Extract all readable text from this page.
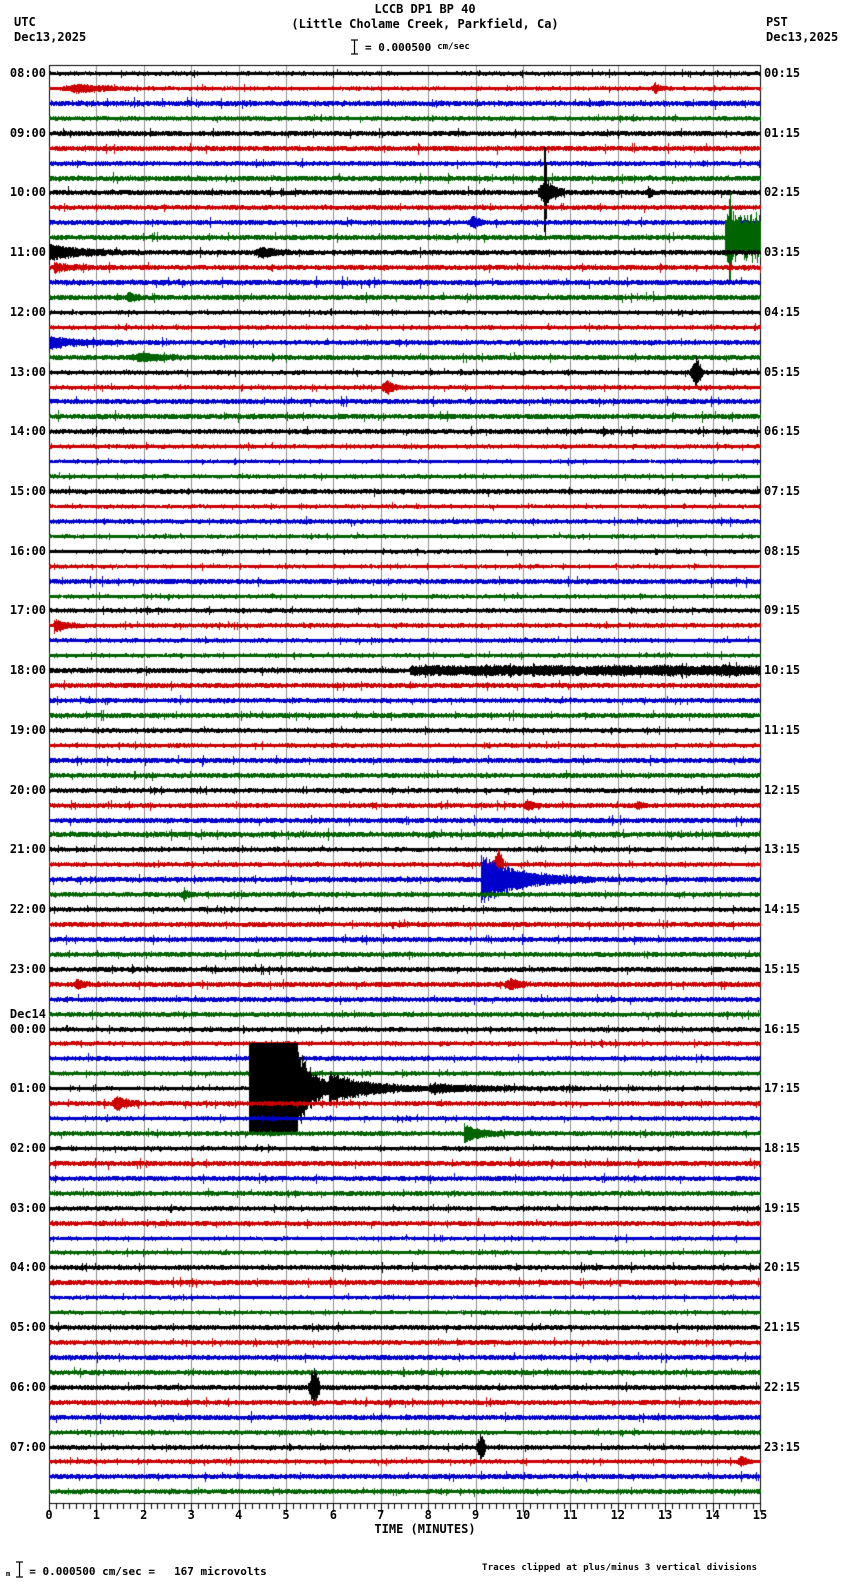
LCCB DP1 BP 40
(Little Cholame Creek, Parkfield, Ca)
UTC
Dec13,2025
PST
Dec13,2025
= 0.000500 cm/sec
08:00
09:00
10:00
11:00
12:00
13:00
14:00
15:00
16:00
17:00
18:00
19:00
20:00
21:00
22:00
23:00
Dec14
00:00
01:00
02:00
03:00
04:00
05:00
06:00
07:00
00:15
01:15
02:15
03:15
04:15
05:15
06:15
07:15
08:15
09:15
10:15
11:15
12:15
13:15
14:15
15:15
16:15
17:15
18:15
19:15
20:15
21:15
22:15
23:15
0	1	2	3	4	5	6	7	8	9	10	11	12	13	14	15
TIME (MINUTES)
m = 0.000500 cm/sec = 167 microvolts	Traces clipped at plus/minus 3 vertical divisions
